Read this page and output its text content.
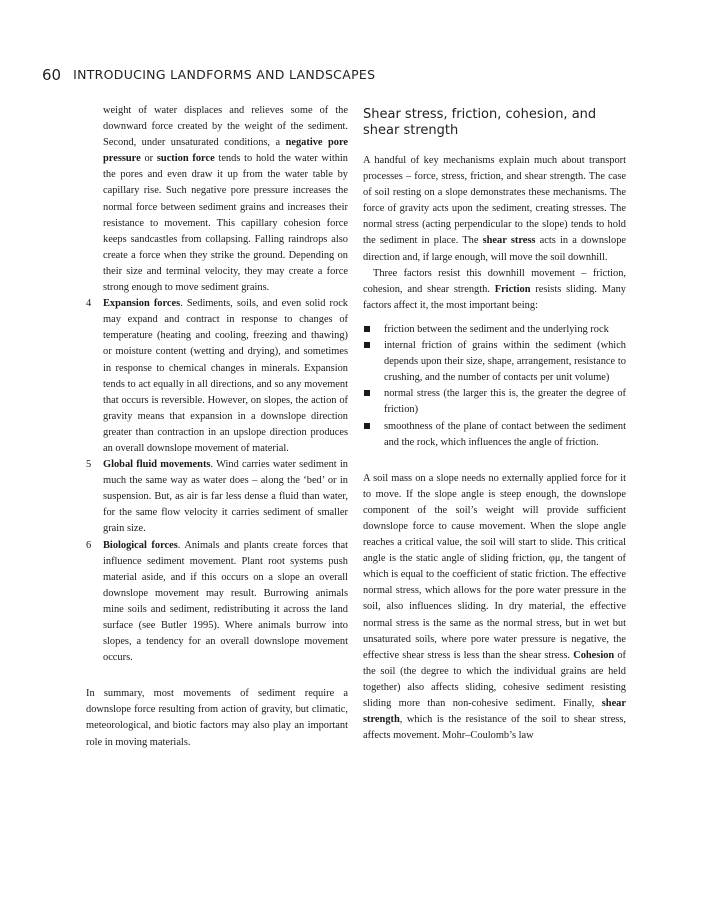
60 INTRODUCING LANDFORMS AND LANDSCAPES

weight of water displaces and relieves some of the downward force created by the weight of the sediment. Second, under unsaturated conditions, a negative pore pressure or suction force tends to hold the water within the pores and even draw it up from the water table by capillary rise. Such negative pore pressure increases the normal force between sediment grains and increases their resistance to movement. This capillary cohesion force keeps sandcastles from collapsing. Falling raindrops also create a force when they strike the ground. Depending on their size and terminal velocity, they may create a force strong enough to move sediment grains.

4 Expansion forces. Sediments, soils, and even solid rock may expand and contract in response to changes of temperature (heating and cooling, freezing and thawing) or moisture content (wetting and drying), and sometimes in response to chemical changes in minerals. Expansion tends to act equally in all directions, and so any movement that occurs is reversible. However, on slopes, the action of gravity means that expansion in a downslope direction greater than contraction in an upslope direction produces an overall downslope movement of material.

5 Global fluid movements. Wind carries water sediment in much the same way as water does – along the ‘bed’ or in suspension. But, as air is far less dense a fluid than water, for the same flow velocity it carries sediment of smaller grain size.

6 Biological forces. Animals and plants create forces that influence sediment movement. Plant root systems push material aside, and if this occurs on a slope an overall downslope movement may result. Burrowing animals mine soils and sediment, redistributing it across the land surface (see Butler 1995). Where animals burrow into slopes, a tendency for an overall downslope movement occurs.

In summary, most movements of sediment require a downslope force resulting from action of gravity, but climatic, meteorological, and biotic factors may also play an important role in moving materials.

Shear stress, friction, cohesion, and shear strength

A handful of key mechanisms explain much about transport processes – force, stress, friction, and shear strength. The case of soil resting on a slope demonstrates these mechanisms. The force of gravity acts upon the sediment, creating stresses. The normal stress (acting perpendicular to the slope) tends to hold the sediment in place. The shear stress acts in a downslope direction and, if large enough, will move the soil downhill.

Three factors resist this downhill movement – friction, cohesion, and shear strength. Friction resists sliding. Many factors affect it, the most important being:

friction between the sediment and the underlying rock

internal friction of grains within the sediment (which depends upon their size, shape, arrangement, resistance to crushing, and the number of contacts per unit volume)

normal stress (the larger this is, the greater the degree of friction)

smoothness of the plane of contact between the sediment and the rock, which influences the angle of friction.

A soil mass on a slope needs no externally applied force for it to move. If the slope angle is steep enough, the downslope component of the soil’s weight will provide sufficient downslope force to cause movement. When the slope angle reaches a critical value, the soil will start to slide. This critical angle is the static angle of sliding friction, φμ, the tangent of which is equal to the coefficient of static friction. The effective normal stress, which allows for the pore water pressure in the soil, also influences sliding. In dry material, the effective normal stress is the same as the normal stress, but in wet but unsaturated soils, where pore water pressure is negative, the effective shear stress is less than the shear stress. Cohesion of the soil (the degree to which the individual grains are held together) also affects sliding, cohesive sediment resisting sliding more than non-cohesive sediment. Finally, shear strength, which is the resistance of the soil to shear stress, affects movement. Mohr–Coulomb’s law
